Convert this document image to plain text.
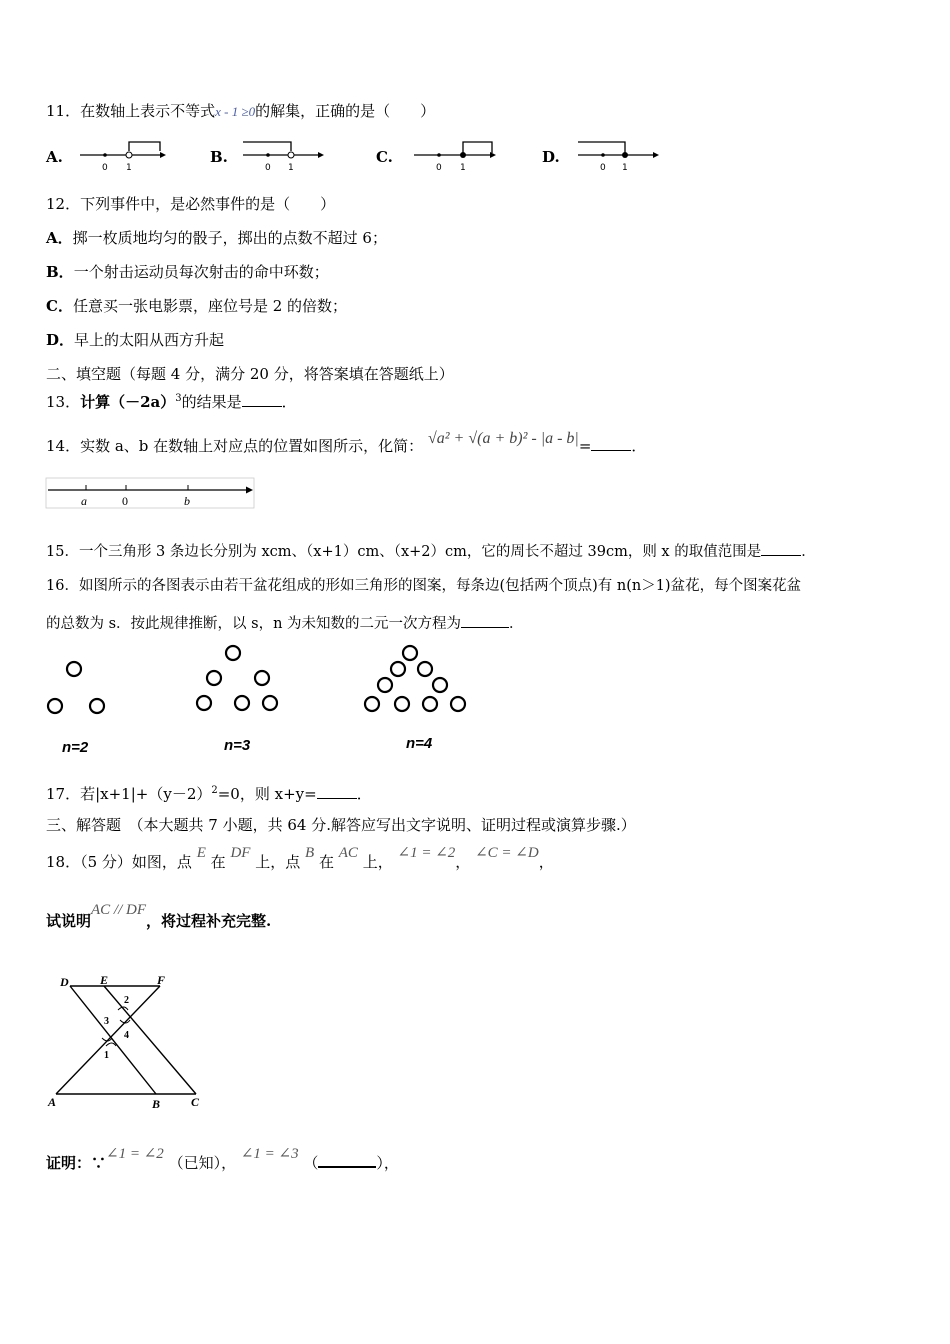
11．在数轴上表示不等式x - 1 ≥0的解集，正确的是（　　）
A.
0 1
B.
0 1
C.
0 1
D.
0 1
12．下列事件中，是必然事件的是（　　）
A．掷一枚质地均匀的骰子，掷出的点数不超过 6；
B．一个射击运动员每次射击的命中环数；
C．任意买一张电影票，座位号是 2 的倍数；
D．早上的太阳从西方升起
二、填空题（每题 4 分，满分 20 分，将答案填在答题纸上）
13．计算$(-2a)^3$的结果是	．
14．实数 a、b 在数轴上对应点的位置如图所示，化简： √a² + √(a + b)² - |a - b|=	．
a	0	b
15．一个三角形 3 条边长分别为 xcm、（x+1）cm、（x+2）cm，它的周长不超过 39cm，则 x 的取值范围是	．
16．如图所示的各图表示由若干盆花组成的形如三角形的图案，每条边(包括两个顶点)有 n(n＞1)盆花，每个图案花盆
的总数为 s．按此规律推断，以 s，n 为未知数的二元一次方程为	．
n=2	n=3	n=4
17．若$|x+1|+(y-2)^2=0$，则 x+y=	．
三、解答题　（本大题共 7 小题，共 64 分.解答应写出文字说明、证明过程或演算步骤.）
18．（5 分）如图，点 E 在 DF 上，点 B 在 AC 上， ∠1 = ∠2， ∠C = ∠D，
试说明AC // DF，将过程补充完整.
D	E	F
A	B	C
2
3
4
1
证明：∵∠1 = ∠2 （已知）， ∠1 = ∠3 （	），
